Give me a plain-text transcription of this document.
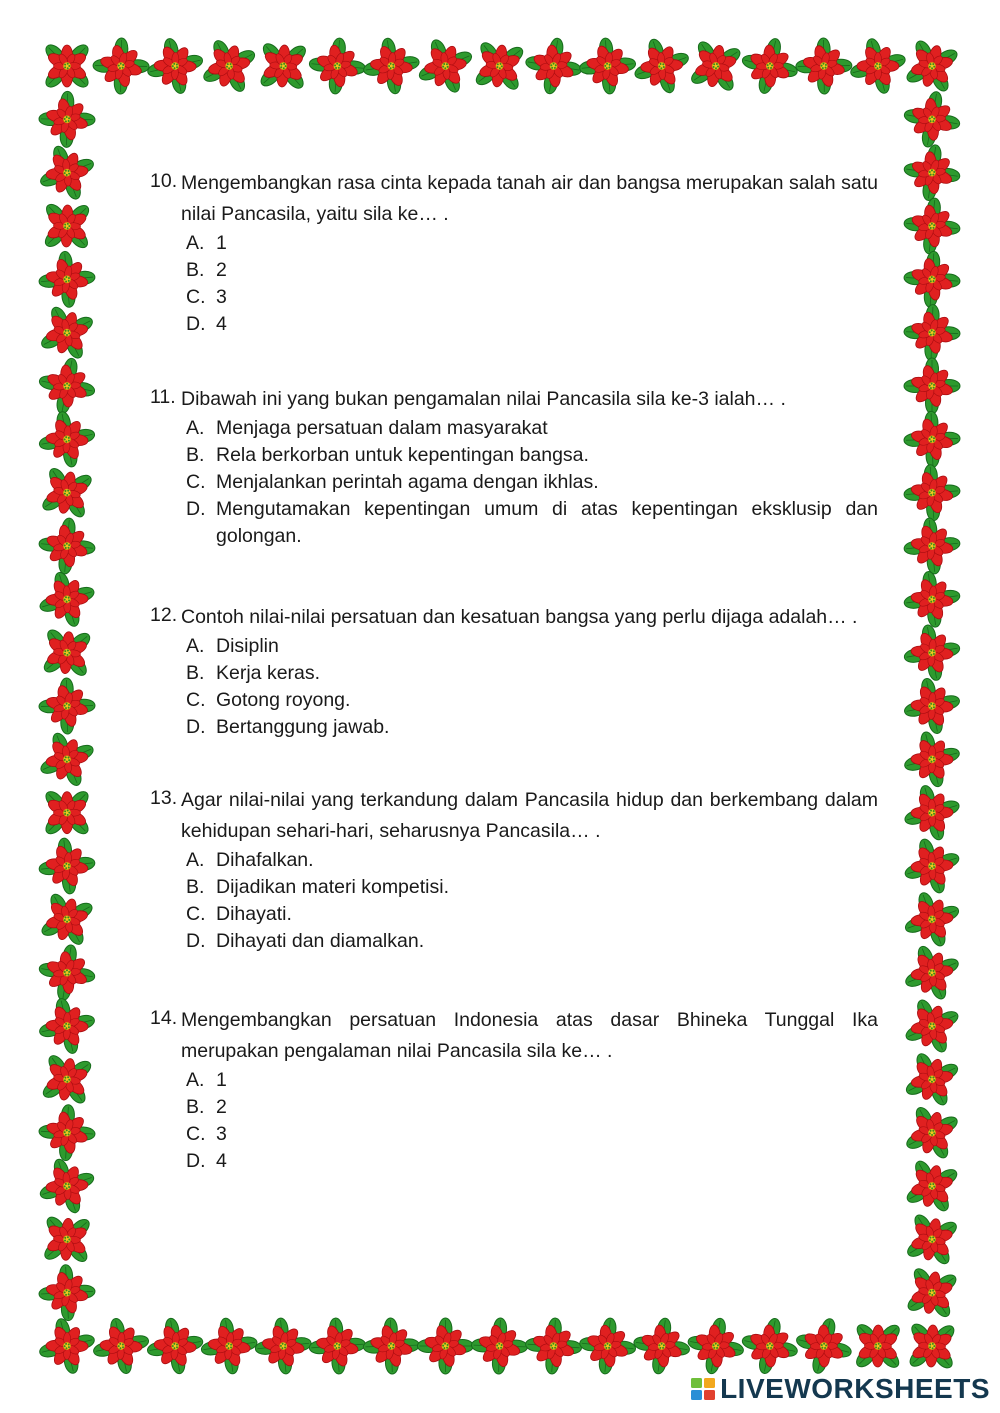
10. Mengembangkan rasa cinta kepada tanah air dan bangsa merupakan salah satu nilai Pancasila, yaitu sila ke… .
A. 1
B. 2
C. 3
D. 4
11. Dibawah ini yang bukan pengamalan nilai Pancasila sila ke-3 ialah… .
A. Menjaga persatuan dalam masyarakat
B. Rela berkorban untuk kepentingan bangsa.
C. Menjalankan perintah agama dengan ikhlas.
D. Mengutamakan kepentingan umum di atas kepentingan eksklusip dan golongan.
12. Contoh nilai-nilai persatuan dan kesatuan bangsa yang perlu dijaga adalah… .
A. Disiplin
B. Kerja keras.
C. Gotong royong.
D. Bertanggung jawab.
13. Agar nilai-nilai yang terkandung dalam Pancasila hidup dan berkembang dalam kehidupan sehari-hari, seharusnya Pancasila… .
A. Dihafalkan.
B. Dijadikan materi kompetisi.
C. Dihayati.
D. Dihayati dan diamalkan.
14. Mengembangkan persatuan Indonesia atas dasar Bhineka Tunggal Ika merupakan pengalaman nilai Pancasila sila ke… .
A. 1
B. 2
C. 3
D. 4
LIVEWORKSHEETS
